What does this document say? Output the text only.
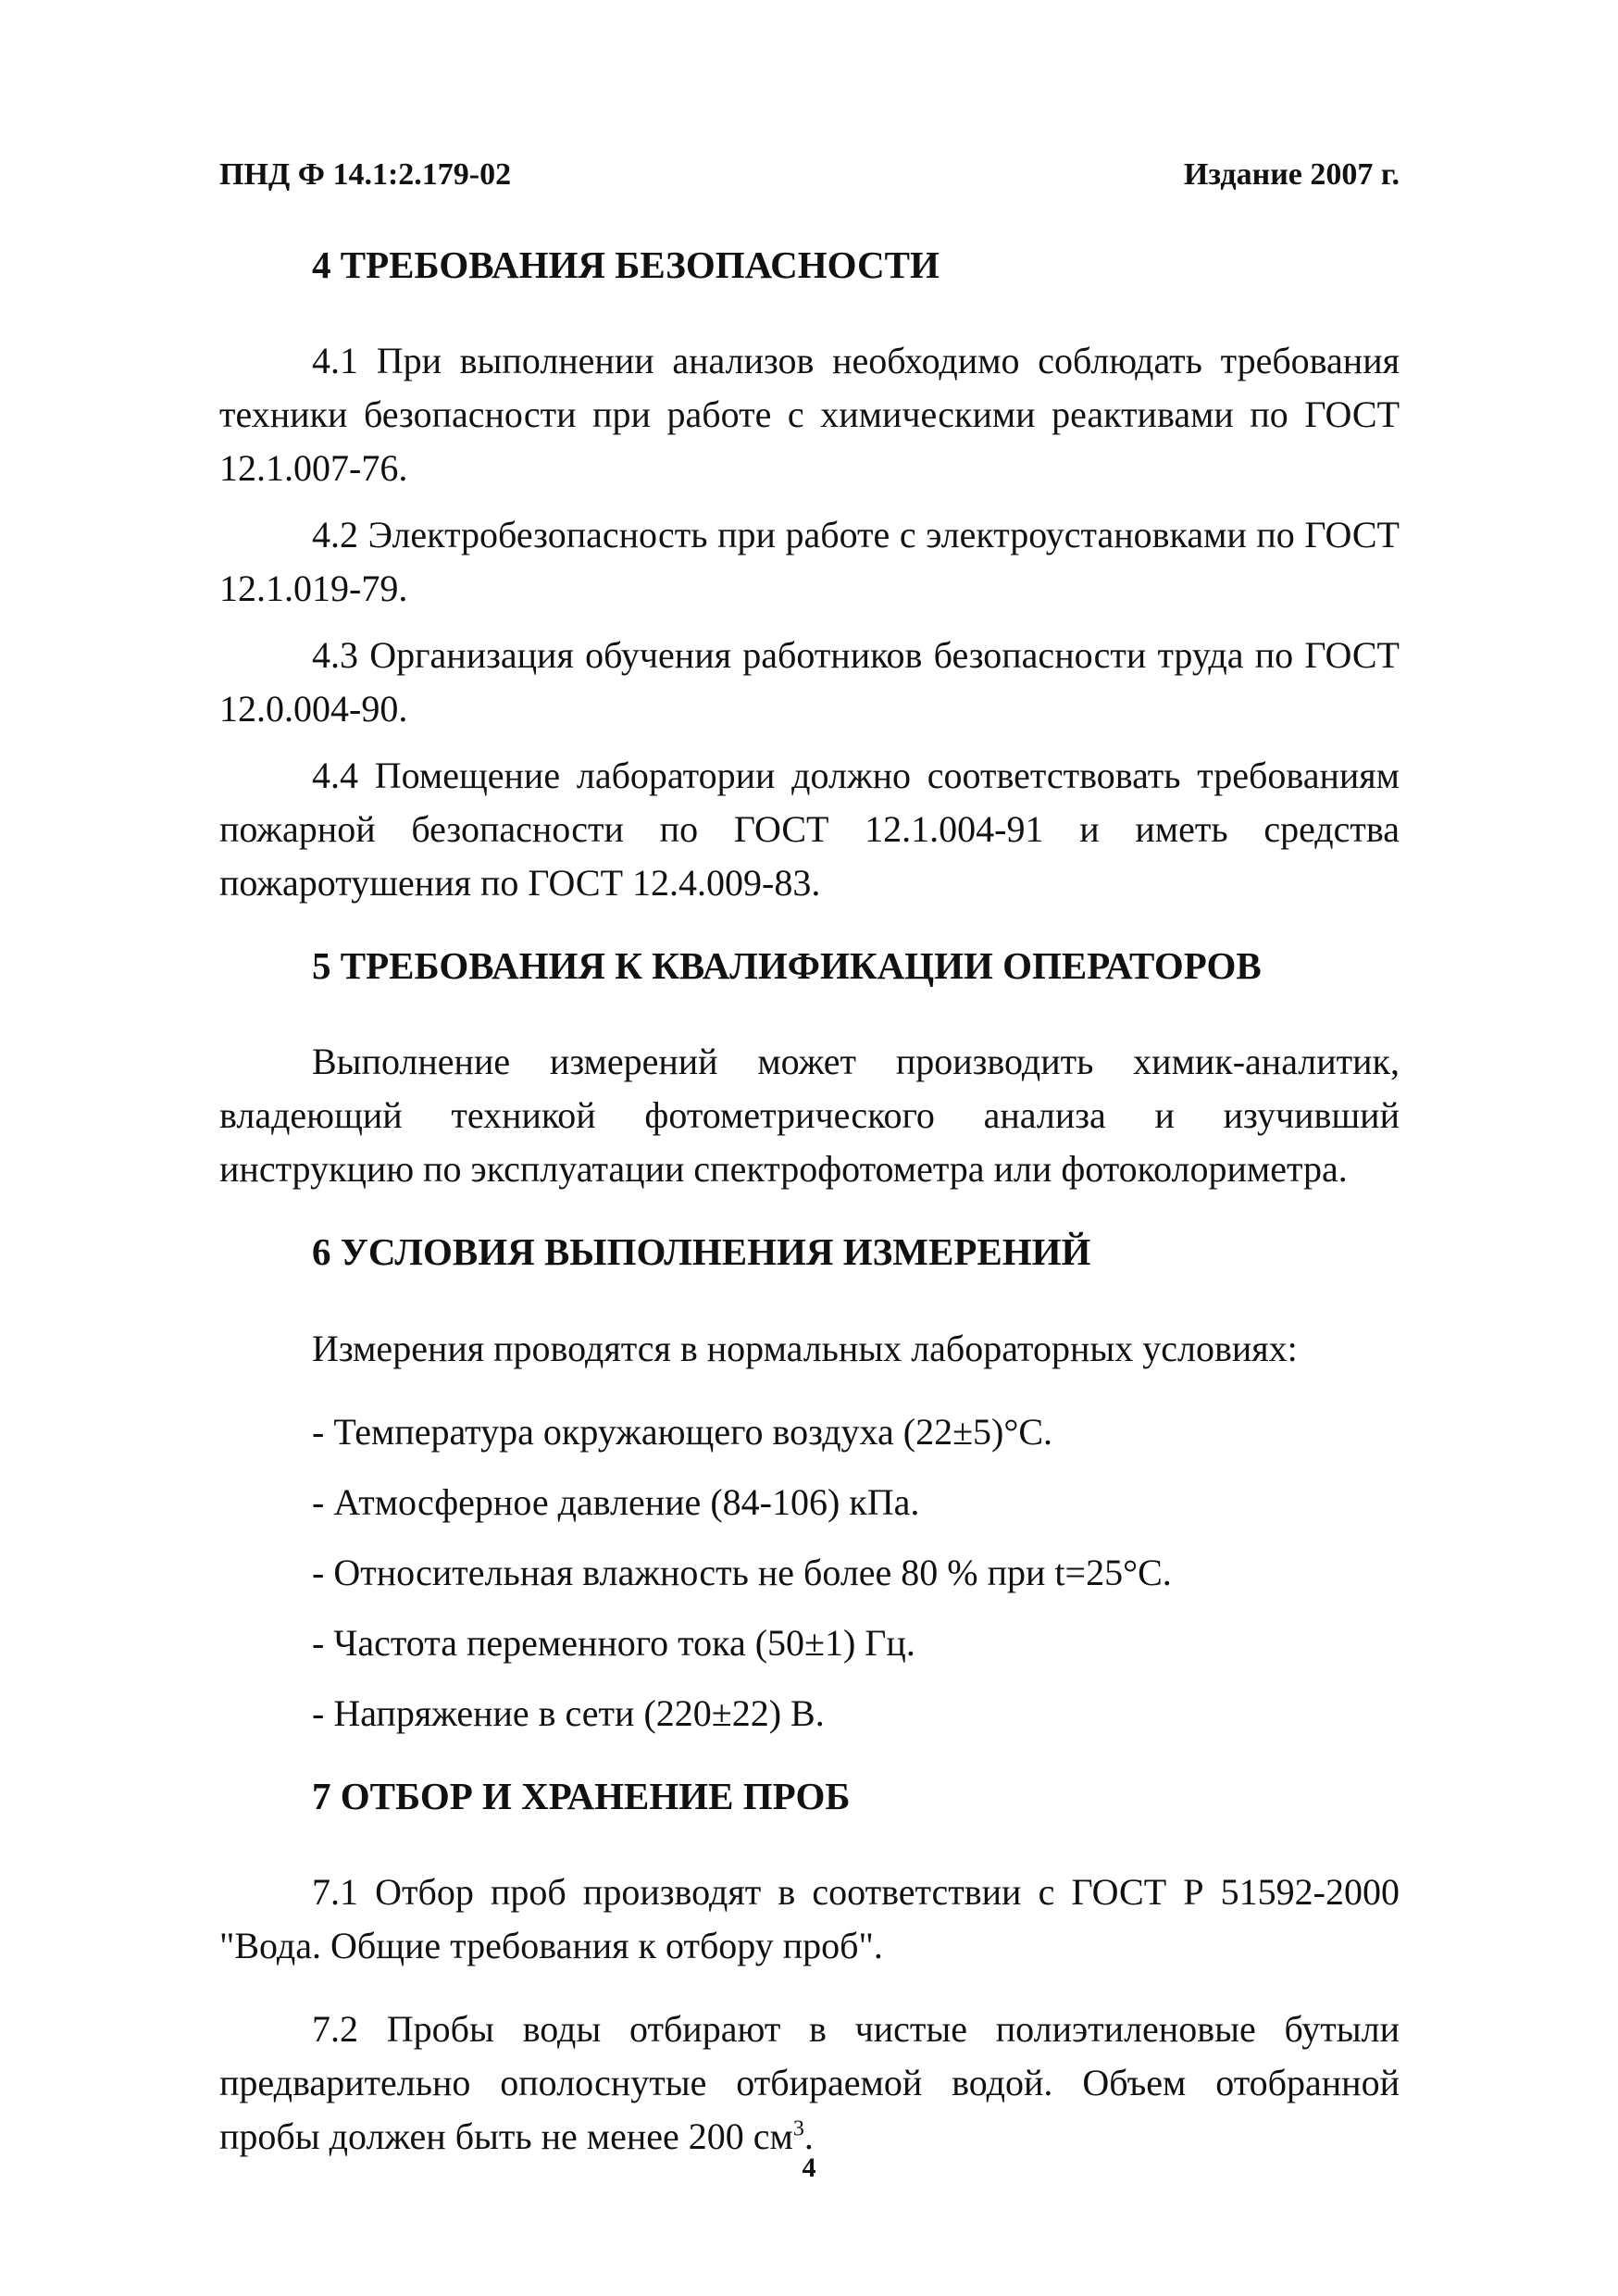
ПНД Ф 14.1:2.179-02	Издание 2007 г.
4 ТРЕБОВАНИЯ БЕЗОПАСНОСТИ

4.1 При выполнении анализов необходимо соблюдать требования техники безопасности при работе с химическими реактивами по ГОСТ 12.1.007-76.

4.2 Электробезопасность при работе с электроустановками по ГОСТ 12.1.019-79.

4.3 Организация обучения работников безопасности труда по ГОСТ 12.0.004-90.

4.4 Помещение лаборатории должно соответствовать требованиям пожарной безопасности по ГОСТ 12.1.004-91 и иметь средства пожаротушения по ГОСТ 12.4.009-83.

5 ТРЕБОВАНИЯ К КВАЛИФИКАЦИИ ОПЕРАТОРОВ

Выполнение измерений может производить химик-аналитик, владеющий техникой фотометрического анализа и изучивший инструкцию по эксплуатации спектрофотометра или фотоколориметра.

6 УСЛОВИЯ ВЫПОЛНЕНИЯ ИЗМЕРЕНИЙ

Измерения проводятся в нормальных лабораторных условиях:

- Температура окружающего воздуха (22±5)°С.
- Атмосферное давление (84-106) кПа.
- Относительная влажность не более 80 % при t=25°С.
- Частота переменного тока (50±1) Гц.
- Напряжение в сети (220±22) В.
7 ОТБОР И ХРАНЕНИЕ ПРОБ

7.1 Отбор проб производят в соответствии с ГОСТ Р 51592-2000 "Вода. Общие требования к отбору проб".

7.2 Пробы воды отбирают в чистые полиэтиленовые бутыли предварительно ополоснутые отбираемой водой. Объем отобранной пробы должен быть не менее 200 $см^3$.

4
